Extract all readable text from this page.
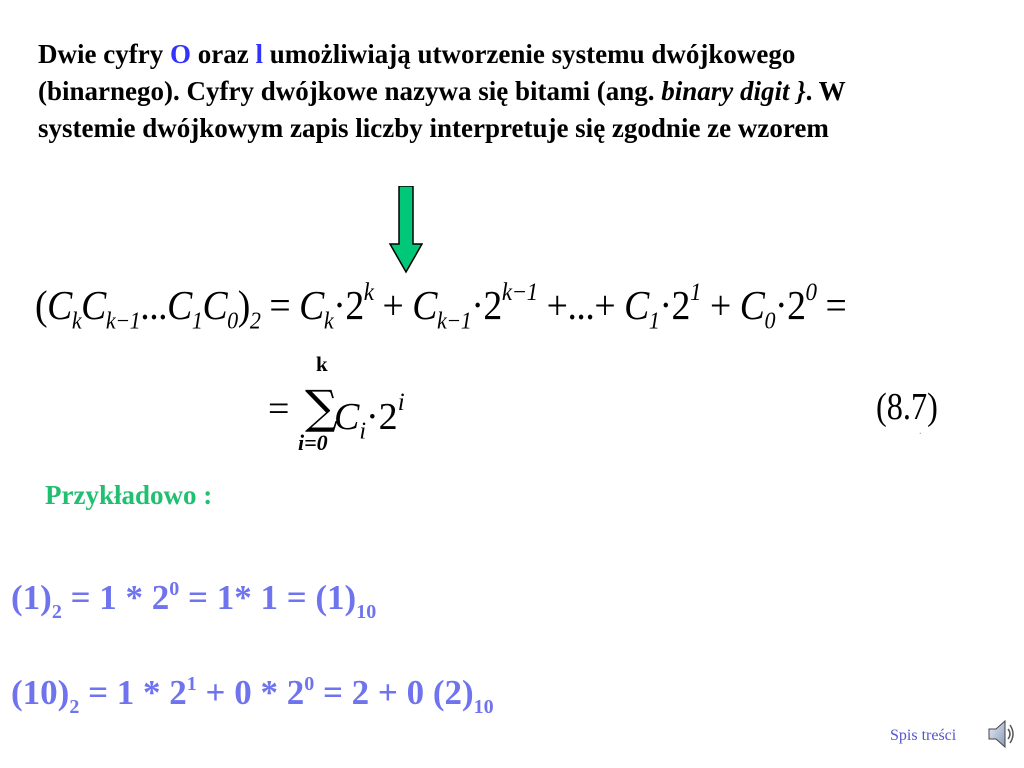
Dwie cyfry O oraz l umożliwiają utworzenie systemu dwójkowego (binarnego). Cyfry dwójkowe nazywa się bitami (ang. binary digit }. W systemie dwójkowym zapis liczby interpretuje się zgodnie ze wzorem
$(C_kC_{k-1}...C_1C_0)_2 = C_k\cdot 2^k + C_{k-1}\cdot 2^{k-1}$ +...+ $C_1\cdot 2^1 + C_0\cdot 2^0$ =
=
k
∑
i=0
$C_i\cdot 2^i$	(8.7)
.
Przykładowo :
$(1)_2 = 1 * 2^0 = 1*$ $1 = (1)_{10}$
$(10)_2 = 1 * 2^1 + 0 * 2^0 = 2 + 0$ $(2)_{10}$
Spis treści
